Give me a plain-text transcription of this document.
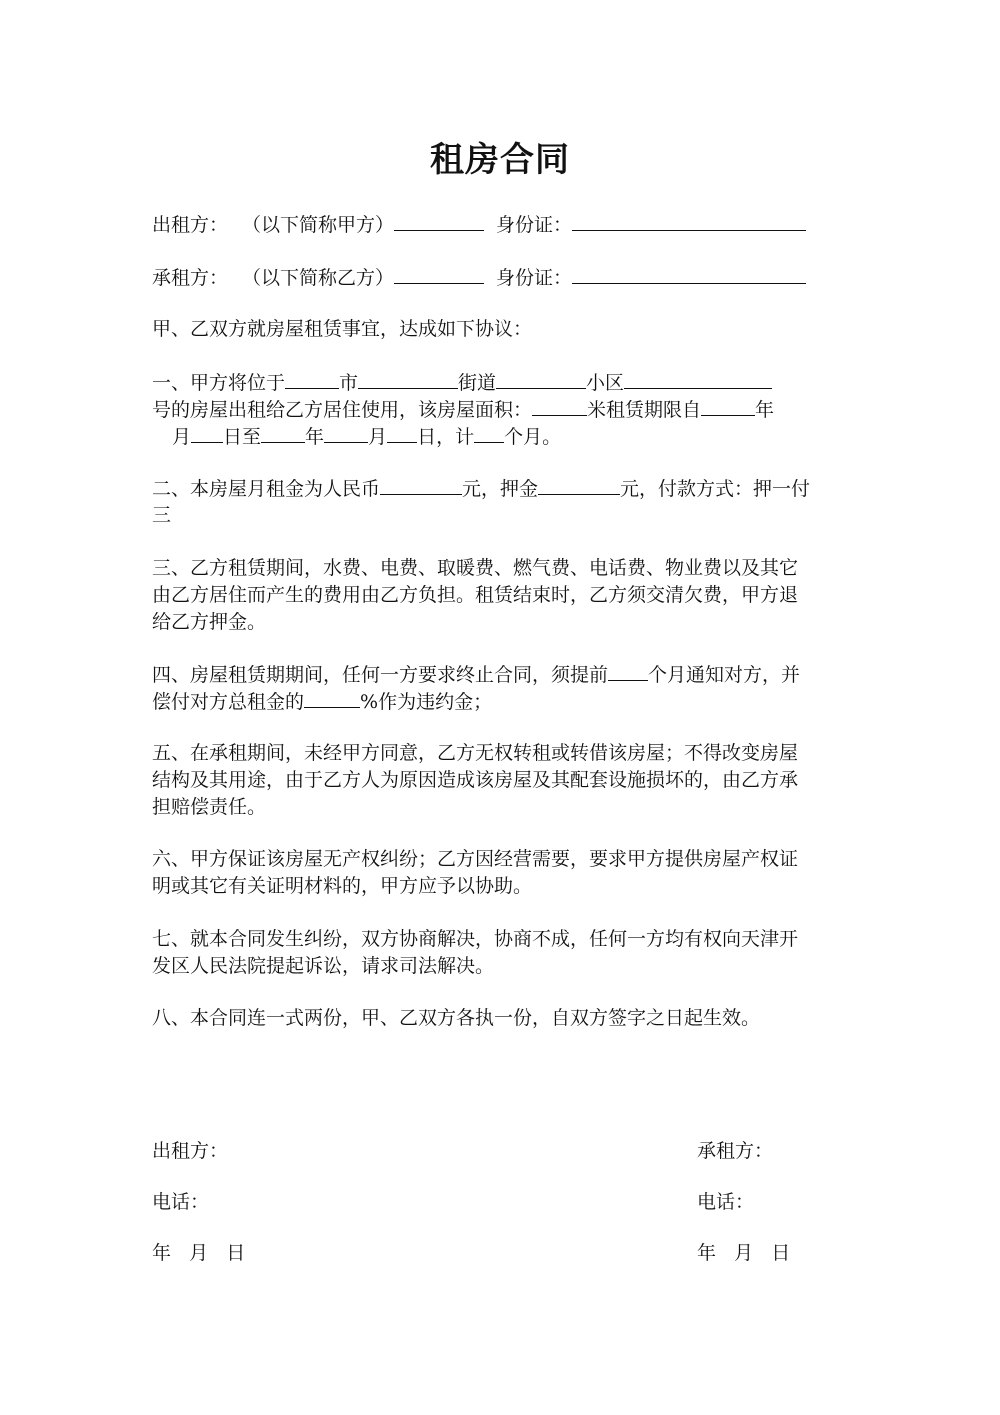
租房合同

出租方： （以下简称甲方）	身份证：

承租方： （以下简称乙方）	身份证：

甲、乙双方就房屋租赁事宜，达成如下协议：

一、甲方将位于	市	街道	小区

号的房屋出租给乙方居住使用，该房屋面积：	米租赁期限自	年

月 日至 年 月 日，计 个月。

二、本房屋月租金为人民币	元，押金	元，付款方式：押一付

三

三、乙方租赁期间，水费、电费、取暖费、燃气费、电话费、物业费以及其它

由乙方居住而产生的费用由乙方负担。租赁结束时，乙方须交清欠费，甲方退

给乙方押金。

四、房屋租赁期期间，任何一方要求终止合同，须提前 个月通知对方，并

偿付对方总租金的	%作为违约金；

五、在承租期间，未经甲方同意，乙方无权转租或转借该房屋；不得改变房屋

结构及其用途，由于乙方人为原因造成该房屋及其配套设施损坏的，由乙方承

担赔偿责任。

六、甲方保证该房屋无产权纠纷；乙方因经营需要，要求甲方提供房屋产权证

明或其它有关证明材料的，甲方应予以协助。

七、就本合同发生纠纷，双方协商解决，协商不成，任何一方均有权向天津开

发区人民法院提起诉讼，请求司法解决。

八、本合同连一式两份，甲、乙双方各执一份，自双方签字之日起生效。

出租方：	承租方：

电话：	电话：

年   月   日	年   月   日
